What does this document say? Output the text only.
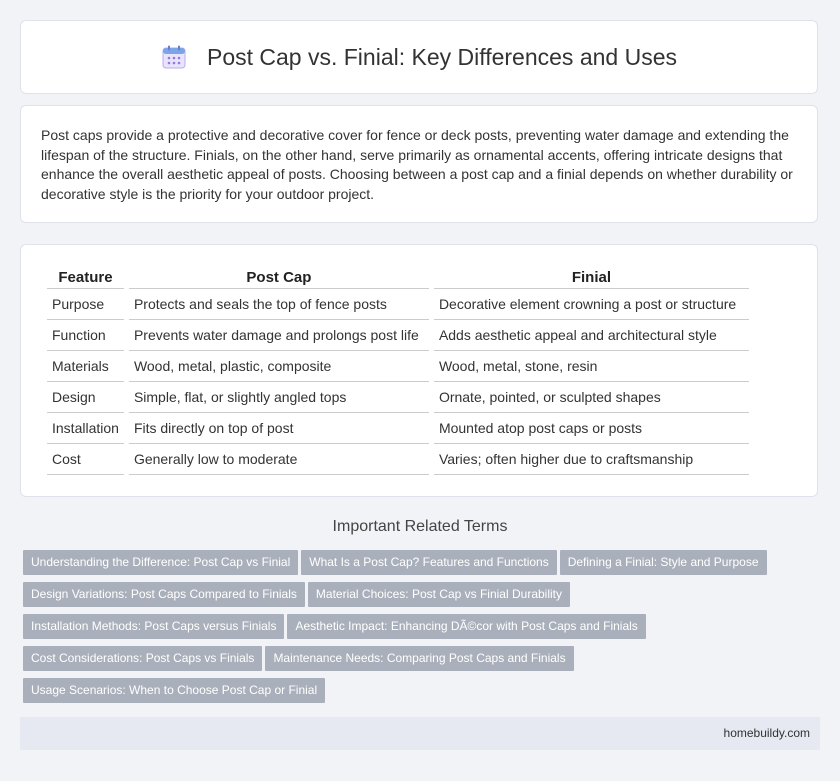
Post Cap vs. Finial: Key Differences and Uses

Post caps provide a protective and decorative cover for fence or deck posts, preventing water damage and extending the lifespan of the structure. Finials, on the other hand, serve primarily as ornamental accents, offering intricate designs that enhance the overall aesthetic appeal of posts. Choosing between a post cap and a finial depends on whether durability or decorative style is the priority for your outdoor project.

Feature	Post Cap	Finial
Purpose	Protects and seals the top of fence posts	Decorative element crowning a post or structure
Function	Prevents water damage and prolongs post life	Adds aesthetic appeal and architectural style
Materials	Wood, metal, plastic, composite	Wood, metal, stone, resin
Design	Simple, flat, or slightly angled tops	Ornate, pointed, or sculpted shapes
Installation	Fits directly on top of post	Mounted atop post caps or posts
Cost	Generally low to moderate	Varies; often higher due to craftsmanship
Important Related Terms
Understanding the Difference: Post Cap vs Finial What Is a Post Cap? Features and Functions Defining a Finial: Style and PurposeDesign Variations: Post Caps Compared to Finials Material Choices: Post Cap vs Finial DurabilityInstallation Methods: Post Caps versus Finials Aesthetic Impact: Enhancing DÃ©cor with Post Caps and FinialsCost Considerations: Post Caps vs Finials Maintenance Needs: Comparing Post Caps and FinialsUsage Scenarios: When to Choose Post Cap or Finial
homebuildy.com
